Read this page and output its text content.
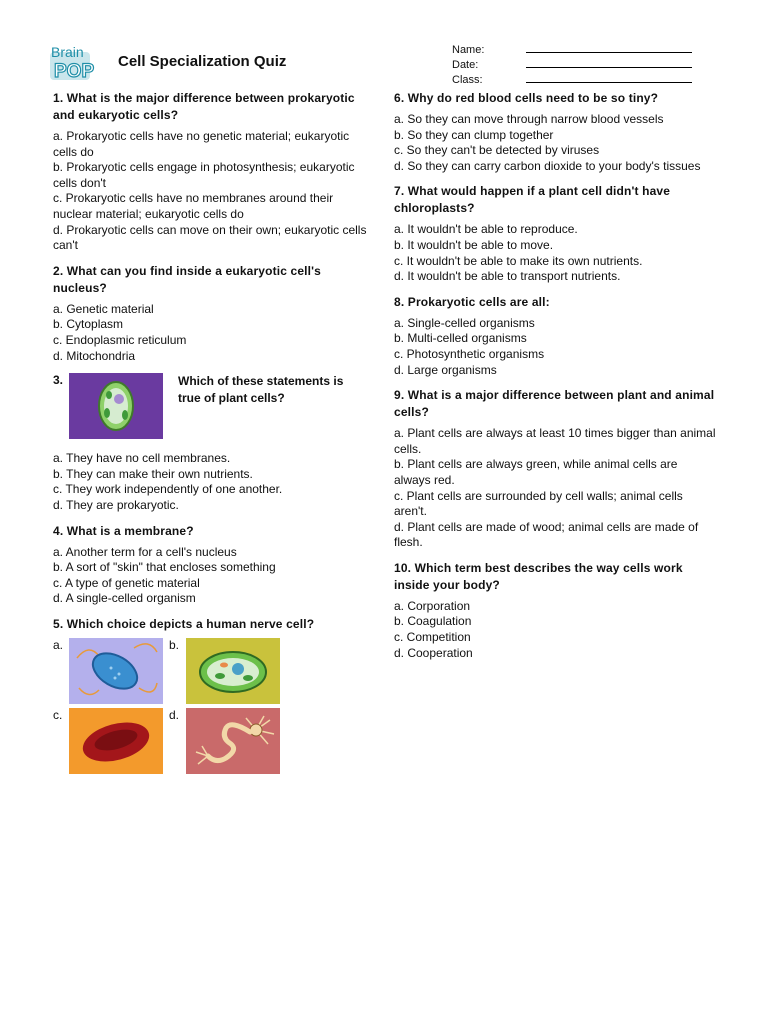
Brain
POP Cell Specialization Quiz
Name:
Date:
Class:
1. What is the major difference between prokaryotic and eukaryotic cells?
a. Prokaryotic cells have no genetic material; eukaryotic cells do
b. Prokaryotic cells engage in photosynthesis; eukaryotic cells don't
c. Prokaryotic cells have no membranes around their nuclear material; eukaryotic cells do
d. Prokaryotic cells can move on their own; eukaryotic cells can't
2. What can you find inside a eukaryotic cell's nucleus?
a. Genetic material
b. Cytoplasm
c. Endoplasmic reticulum
d. Mitochondria
3.	Which of these statements is true of plant cells?
a. They have no cell membranes.
b. They can make their own nutrients.
c. They work independently of one another.
d. They are prokaryotic.
4. What is a membrane?
a. Another term for a cell's nucleus
b. A sort of "skin" that encloses something
c. A type of genetic material
d. A single-celled organism
5. Which choice depicts a human nerve cell?
a.	b.
c.	d.
6. Why do red blood cells need to be so tiny?
a. So they can move through narrow blood vessels
b. So they can clump together
c. So they can't be detected by viruses
d. So they can carry carbon dioxide to your body's tissues
7. What would happen if a plant cell didn't have chloroplasts?
a. It wouldn't be able to reproduce.
b. It wouldn't be able to move.
c. It wouldn't be able to make its own nutrients.
d. It wouldn't be able to transport nutrients.
8. Prokaryotic cells are all:
a. Single-celled organisms
b. Multi-celled organisms
c. Photosynthetic organisms
d. Large organisms
9. What is a major difference between plant and animal cells?
a. Plant cells are always at least 10 times bigger than animal cells.
b. Plant cells are always green, while animal cells are always red.
c. Plant cells are surrounded by cell walls; animal cells aren't.
d. Plant cells are made of wood; animal cells are made of flesh.
10. Which term best describes the way cells work inside your body?
a. Corporation
b. Coagulation
c. Competition
d. Cooperation
